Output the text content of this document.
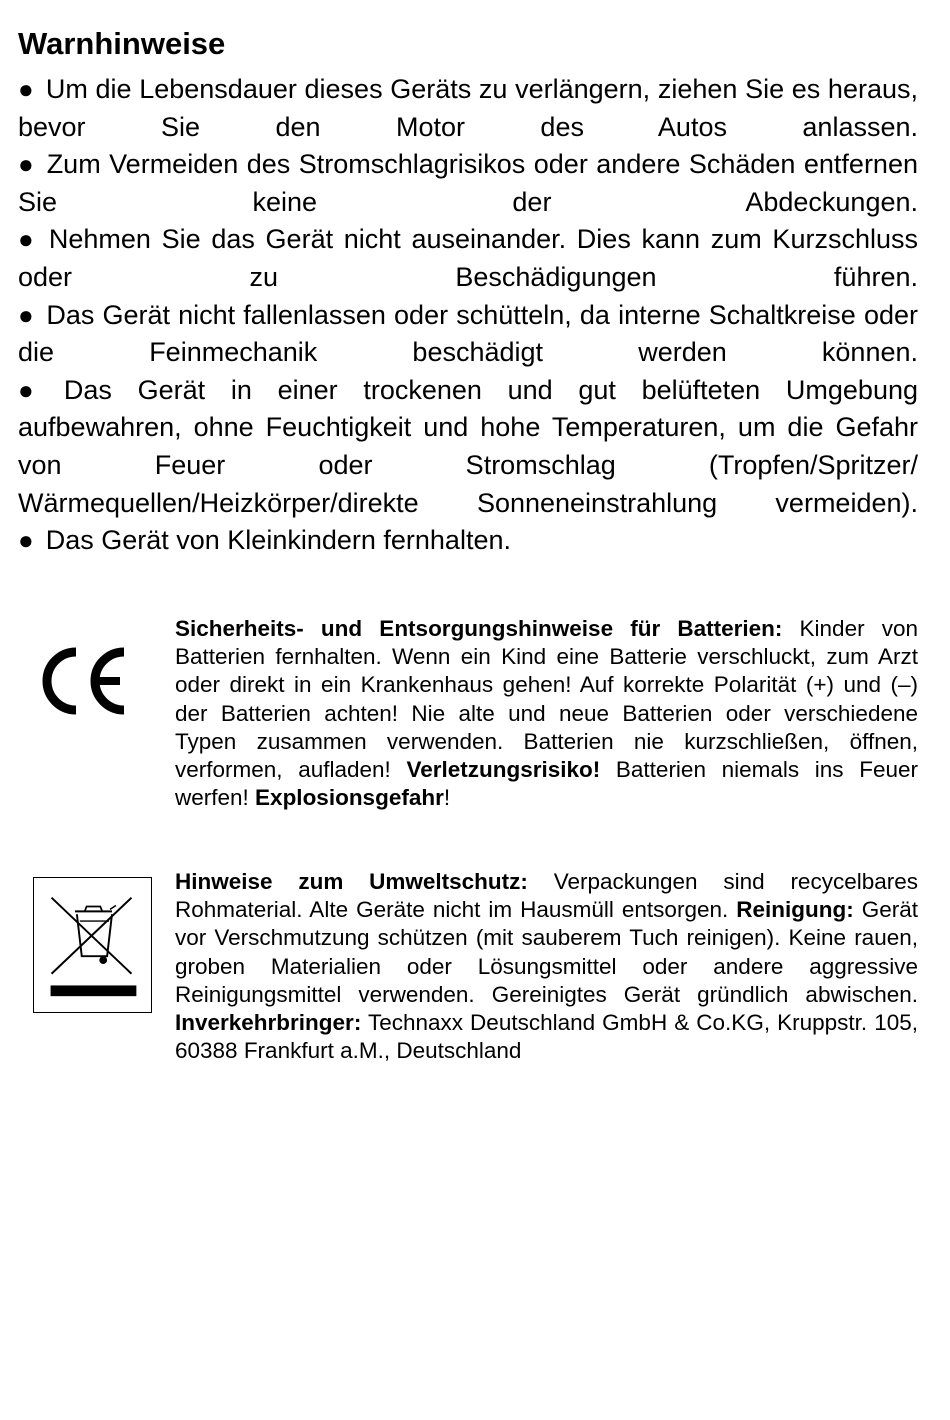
Warnhinweise
● Um die Lebensdauer dieses Geräts zu verlängern, ziehen Sie es heraus, bevor Sie den Motor des Autos anlassen.
● Zum Vermeiden des Stromschlagrisikos oder andere Schäden entfernen Sie keine der Abdeckungen.
● Nehmen Sie das Gerät nicht auseinander. Dies kann zum Kurzschluss oder zu Beschädigungen führen.
● Das Gerät nicht fallenlassen oder schütteln, da interne Schaltkreise oder die Feinmechanik beschädigt werden können.
● Das Gerät in einer trockenen und gut belüfteten Umgebung aufbewahren, ohne Feuchtigkeit und hohe Temperaturen, um die Gefahr von Feuer oder Stromschlag (Tropfen/Spritzer/ Wärmequellen/Heizkörper/direkte Sonneneinstrahlung vermeiden).
● Das Gerät von Kleinkindern fernhalten.

Sicherheits- und Entsorgungshinweise für Batterien: Kinder von Batterien fernhalten. Wenn ein Kind eine Batterie verschluckt, zum Arzt oder direkt in ein Krankenhaus gehen! Auf korrekte Polarität (+) und (–) der Batterien achten! Nie alte und neue Batterien oder verschiedene Typen zusammen verwenden. Batterien nie kurzschließen, öffnen, verformen, aufladen! Verletzungsrisiko! Batterien niemals ins Feuer werfen! Explosionsgefahr!

Hinweise zum Umweltschutz: Verpackungen sind recycelbares Rohmaterial. Alte Geräte nicht im Hausmüll entsorgen. Reinigung: Gerät vor Verschmutzung schützen (mit sauberem Tuch reinigen). Keine rauen, groben Materialien oder Lösungsmittel oder andere aggressive Reinigungsmittel verwenden. Gereinigtes Gerät gründlich abwischen. Inverkehrbringer: Technaxx Deutschland GmbH & Co.KG, Kruppstr. 105, 60388 Frankfurt a.M., Deutschland
